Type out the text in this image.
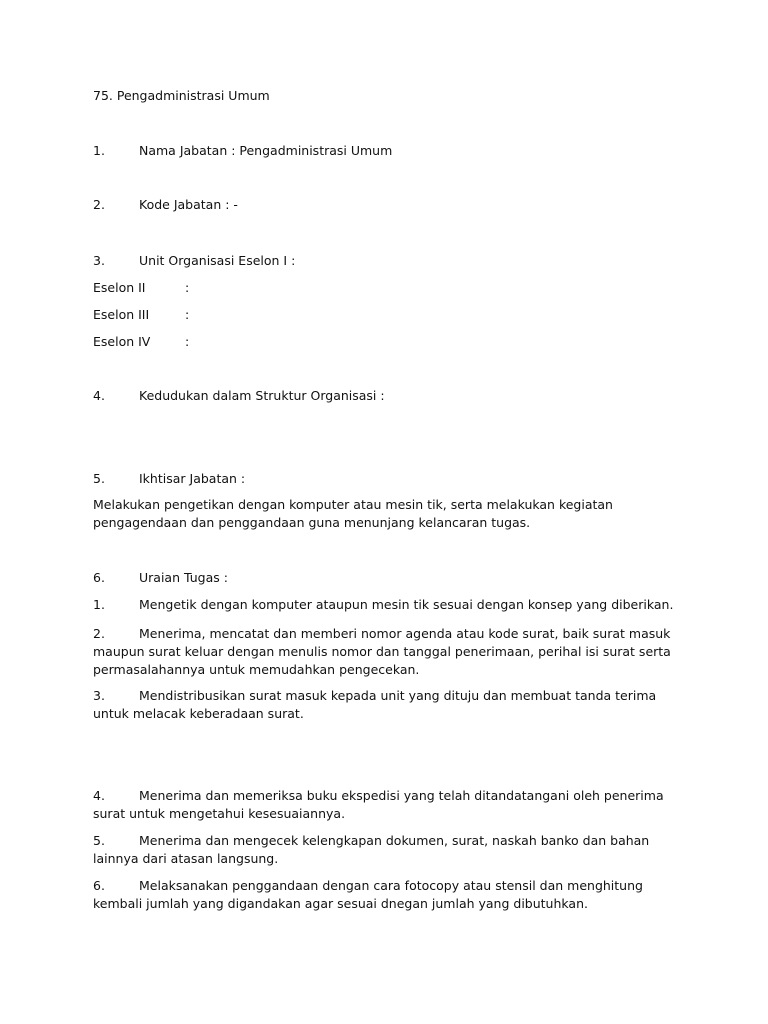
75. Pengadministrasi Umum
1.	Nama Jabatan : Pengadministrasi Umum
2.	Kode Jabatan : -
3.	Unit Organisasi Eselon I :
Eselon II	:
Eselon III	:
Eselon IV	:
4.	Kedudukan dalam Struktur Organisasi :
5.	Ikhtisar Jabatan :
Melakukan pengetikan dengan komputer atau mesin tik, serta melakukan kegiatan pengagendaan dan penggandaan guna menunjang kelancaran tugas.
6.	Uraian Tugas :
1.	Mengetik dengan komputer ataupun mesin tik sesuai dengan konsep yang diberikan.
2.	Menerima, mencatat dan memberi nomor agenda atau kode surat, baik surat masuk maupun surat keluar dengan menulis nomor dan tanggal penerimaan, perihal isi surat serta permasalahannya untuk memudahkan pengecekan.
3.	Mendistribusikan surat masuk kepada unit yang dituju dan membuat tanda terima untuk melacak keberadaan surat.
4.	Menerima dan memeriksa buku ekspedisi yang telah ditandatangani oleh penerima surat untuk mengetahui kesesuaiannya.
5.	Menerima dan mengecek kelengkapan dokumen, surat, naskah banko dan bahan lainnya dari atasan langsung.
6.	Melaksanakan penggandaan dengan cara fotocopy atau stensil dan menghitung kembali jumlah yang digandakan agar sesuai dnegan jumlah yang dibutuhkan.
